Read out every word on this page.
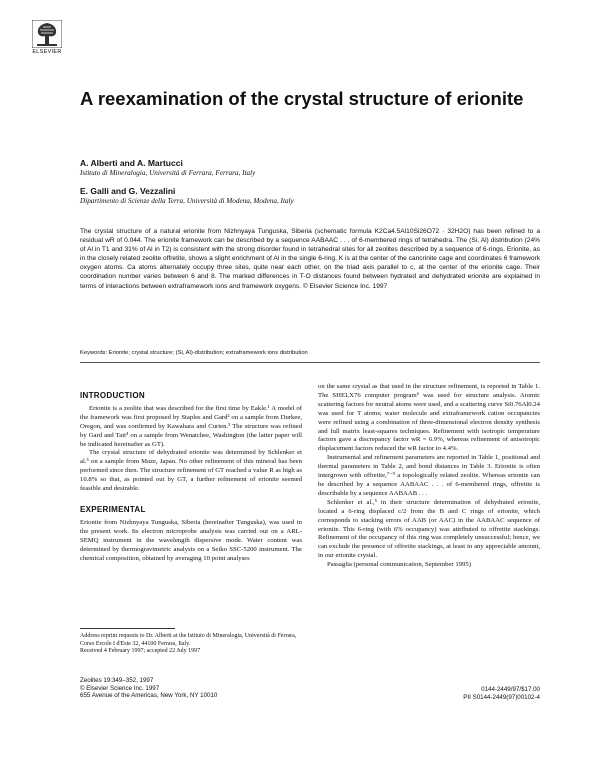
ELSEVIER
A reexamination of the crystal structure of erionite
A. Alberti and A. Martucci
Istituto di Mineralogia, Università di Ferrara, Ferrara, Italy
E. Galli and G. Vezzalini
Dipartimento di Scienze della Terra, Università di Modena, Modena, Italy
The crystal structure of a natural erionite from Nizhnyaya Tunguska, Siberia (schematic formula K2Ca4.5Al10Si26O72 · 32H2O) has been refined to a residual wR of 0.044. The erionite framework can be described by a sequence AABAAC . . . of 6-membered rings of tetrahedra. The (Si, Al) distribution (24% of Al in T1 and 31% of Al in T2) is consistent with the strong disorder found in tetrahedral sites for all zeolites described by a sequence of 6-rings. Erionite, as in the closely related zeolite offretite, shows a slight enrichment of Al in the single 6-ring. K is at the center of the cancrinite cage and coordinates 6 framework oxygen atoms. Ca atoms alternately occupy three sites, quite near each other, on the triad axis parallel to c, at the center of the erionite cage. Their coordination number varies between 6 and 8. The marked differences in T-O distances found between hydrated and dehydrated erionite are explained in terms of interactions between extraframework ions and framework oxygens. © Elsevier Science Inc. 1997
Keywords: Erionite; crystal structure; (Si, Al)-distribution; extraframework ions distribution
INTRODUCTION

Erionite is a zeolite that was described for the first time by Eakle.¹ A model of the framework was first proposed by Staples and Gard² on a sample from Durkee, Oregon, and was confirmed by Kawahara and Curien.³ The structure was refined by Gard and Tait⁴ on a sample from Wenatchee, Washington (the latter paper will be indicated hereinafter as GT).

The crystal structure of dehydrated erionite was determined by Schlenker et al.⁵ on a sample from Maze, Japan. No other refinement of this mineral has been performed since then. The structure refinement of GT reached a value R as high as 10.8% so that, as pointed out by GT, a further refinement of erionite seemed feasible and desirable.

EXPERIMENTAL

Erionite from Nizhnyaya Tunguska, Siberia (hereinafter Tunguska), was used in the present work. Its electron microprobe analysis was carried out on a ARL-SEMQ instrument in the wavelength dispersive mode. Water content was determined by thermogravimetric analysis on a Seiko SSC-5200 instrument. The chemical composition, obtained by averaging 10 point analyses

on the same crystal as that used in the structure refinement, is reported in Table 1. The SHELX76 computer program⁶ was used for structure analysis. Atomic scattering factors for neutral atoms were used, and a scattering curve Si0.76Al0.24 was used for T atoms; water molecule and extraframework cation occupancies were refined using a combination of three-dimensional electron density synthesis and full matrix least-squares techniques. Refinement with isotropic temperature factors gave a discrepancy factor wR = 6.9%, whereas refinement of anisotropic displacement factors reduced the wR factor to 4.4%.

Instrumental and refinement parameters are reported in Table 1, positional and thermal parameters in Table 2, and bond distances in Table 3. Erionite is often intergrown with offretite,⁷⁻⁹ a topologically related zeolite. Whereas erionite can be described by a sequence AABAAC . . . of 6-membered rings, offretite is describable by a sequence AABAAB . . .

Schlenker et al.,⁵ in their structure determination of dehydrated erionite, located a 6-ring displaced c/2 from the B and C rings of erionite, which corresponds to stacking errors of AAB (or AAC) in the AABAAC sequence of erionite. This 6-ring (with 6% occupancy) was attributed to offretite stackings. Refinement of the occupancy of this ring was completely unsuccessful; hence, we can exclude the presence of offretite stackings, at least in any appreciable amount, in our erionite crystal.

Passaglia (personal communication, September 1995)

Address reprint requests to Dr. Alberti at the Istituto di Mineralogia, Università di Ferrara, Corso Ercole I d'Este 32, 44100 Ferrara, Italy.
Received 4 February 1997; accepted 22 July 1997
Zeolites 19:349–352, 1997
© Elsevier Science Inc. 1997
655 Avenue of the Americas, New York, NY 10010
0144-2449/97/$17.00
PII S0144-2449(97)00102-4
